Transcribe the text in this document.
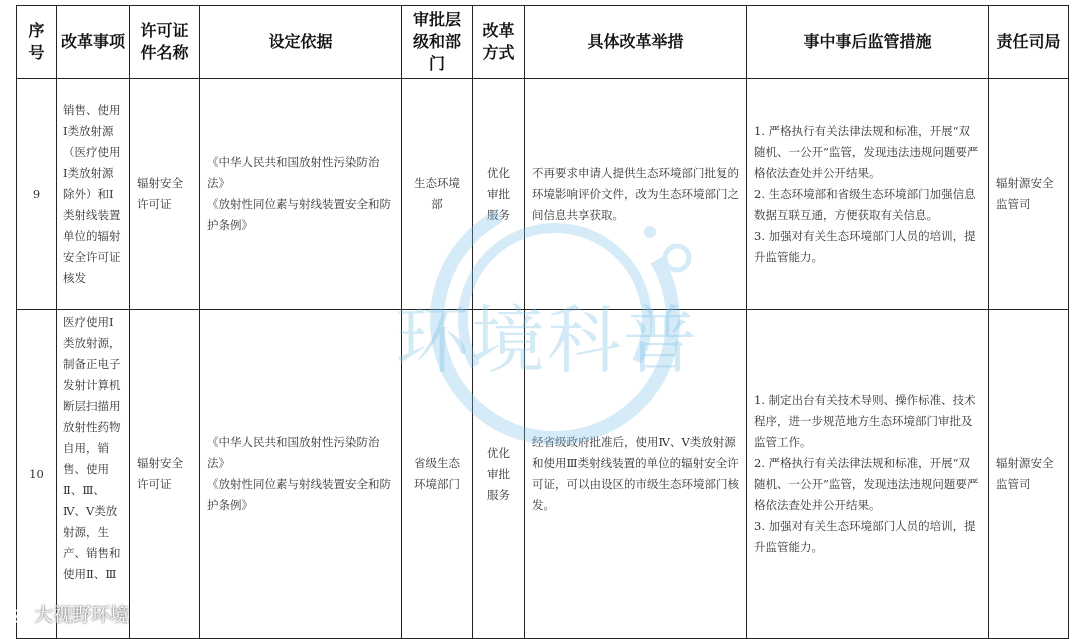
序号	改革事项	许可证件名称	设定依据	审批层级和部门	改革方式	具体改革举措	事中事后监管措施	责任司局
9	销售、使用Ⅰ类放射源（医疗使用Ⅰ类放射源除外）和Ⅰ类射线装置单位的辐射安全许可证核发	辐射安全许可证	《中华人民共和国放射性污染防治法》
《放射性同位素与射线装置安全和防护条例》	生态环境部	优化审批服务	不再要求申请人提供生态环境部门批复的环境影响评价文件，改为生态环境部门之间信息共享获取。	1. 严格执行有关法律法规和标准，开展“双随机、一公开”监管，发现违法违规问题要严格依法查处并公开结果。
2. 生态环境部和省级生态环境部门加强信息数据互联互通，方便获取有关信息。
3. 加强对有关生态环境部门人员的培训，提升监管能力。	辐射源安全监管司
10	医疗使用Ⅰ类放射源，制备正电子发射计算机断层扫描用放射性药物自用，销售、使用Ⅱ、Ⅲ、Ⅳ、Ⅴ类放射源，生产、销售和使用Ⅱ、Ⅲ	辐射安全许可证	《中华人民共和国放射性污染防治法》
《放射性同位素与射线装置安全和防护条例》	省级生态环境部门	优化审批服务	经省级政府批准后，使用Ⅳ、Ⅴ类放射源和使用Ⅲ类射线装置的单位的辐射安全许可证，可以由设区的市级生态环境部门核发。	1. 制定出台有关技术导则、操作标准、技术程序，进一步规范地方生态环境部门审批及监管工作。
2. 严格执行有关法律法规和标准，开展“双随机、一公开”监管，发现违法违规问题要严格依法查处并公开结果。
3. 加强对有关生态环境部门人员的培训，提升监管能力。	辐射源安全监管司
环境科普
大视野环境
